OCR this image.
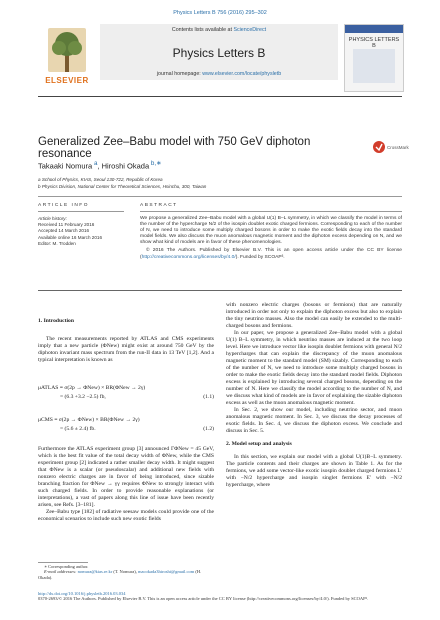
Physics Letters B 756 (2016) 295–302
ELSEVIER
Contents lists available at ScienceDirect
Physics Letters B
journal homepage: www.elsevier.com/locate/physletb
PHYSICS LETTERS B
Generalized Zee–Babu model with 750 GeV diphoton resonance
CrossMark
Takaaki Nomura $^a$, Hiroshi Okada $^{b,∗}$
a School of Physics, KIAS, Seoul 130-722, Republic of Korea
b Physics Division, National Center for Theoretical Sciences, Hsinchu, 300, Taiwan
ARTICLE INFO	ABSTRACT
Article history:
Received 11 February 2016
Accepted 14 March 2016
Available online 16 March 2016
Editor: M. Trodden
We propose a generalized Zee–Babu model with a global U(1) B–L symmetry, in which we classify the model in terms of the number of the hypercharge N/2 of the isospin doublet exotic charged fermions. Corresponding to each of the number of N, we need to introduce some multiply charged bosons in order to make the exotic fields decay into the standard model fields. We also discuss the muon anomalous magnetic moment and the diphoton excess depending on N, and we show what kind of models are in favor of these phenomenologies.
© 2016 The Authors. Published by Elsevier B.V. This is an open access article under the CC BY license (http://creativecommons.org/licenses/by/4.0/). Funded by SCOAP³.
1. Introduction
The recent measurements reported by ATLAS and CMS experiments imply that a new particle (ΦNew) might exist at around 750 GeV by the diphoton invariant mass spectrum from the run-II data in 13 TeV [1,2]. And a typical interpretation is known as
μATLAS ≡ σ(2p → ΦNew) × BR(ΦNew → 2γ)
= (6.3 +3.2 −2.5) fb,	(1.1)
μCMS ≡ σ(2p → ΦNew) × BR(ΦNew → 2γ)
= (5.6 ± 2.4) fb.	(1.2)
Furthermore the ATLAS experiment group [3] announced ΓΦNew = 45 GeV, which is the best fit value of the total decay width of ΦNew, while the CMS experiment group [2] indicated a rather smaller decay width. It might suggest that ΦNew is a scalar (or pseudoscalar) and additional new fields with nonzero electric charges are in favor of being introduced, since sizable branching fraction for ΦNew → γγ requires ΦNew to strongly interact with such charged fields. In order to provide reasonable explanations (or interpretations), a vast of papers along this line of issue have been recently arisen, see Refs. [3–181].
Zee–Babu type [182] of radiative seesaw models could provide one of the economical scenarios to include such new exotic fields
∗ Corresponding author.
E-mail addresses: nomura@kias.re.kr (T. Nomura), macokada3hiroshi@gmail.com (H. Okada).
with nonzero electric charges (bosons or fermions) that are naturally introduced in order not only to explain the diphoton excess but also to explain the tiny neutrino masses. Also the model can easily be extended to the multi-charged bosons and fermions.
In our paper, we propose a generalized Zee–Babu model with a global U(1) B–L symmetry, in which neutrino masses are induced at the two loop level. Here we introduce vector like isospin doublet fermions with general N/2 hypercharges that can explain the discrepancy of the muon anomalous magnetic moment to the standard model (SM) sizably. Corresponding to each of the number of N, we need to introduce some multiply charged bosons in order to make the exotic fields decay into the standard model fields. Diphoton excess is explained by introducing several charged bosons, depending on the number of N. Here we classify the model according to the number of N, and we discuss what kind of models are in favor of explaining the sizable diphoton excess as well as the muon anomalous magnetic moment.
In Sec. 2, we show our model, including neutrino sector, and muon anomalous magnetic moment. In Sec. 3, we discuss the decay processes of exotic fields. In Sec. 4, we discuss the diphoton excess. We conclude and discuss in Sec. 5.
2. Model setup and analysis
In this section, we explain our model with a global U(1)B−L symmetry. The particle contents and their charges are shown in Table 1. As for the fermions, we add some vector-like exotic isospin doublet charged fermions L′ with −N/2 hypercharge and isospin singlet fermions E′ with −N/2 hypercharge, where
http://dx.doi.org/10.1016/j.physletb.2016.03.034
0370-2693/© 2016 The Authors. Published by Elsevier B.V. This is an open access article under the CC BY license (http://creativecommons.org/licenses/by/4.0/). Funded by SCOAP³.
